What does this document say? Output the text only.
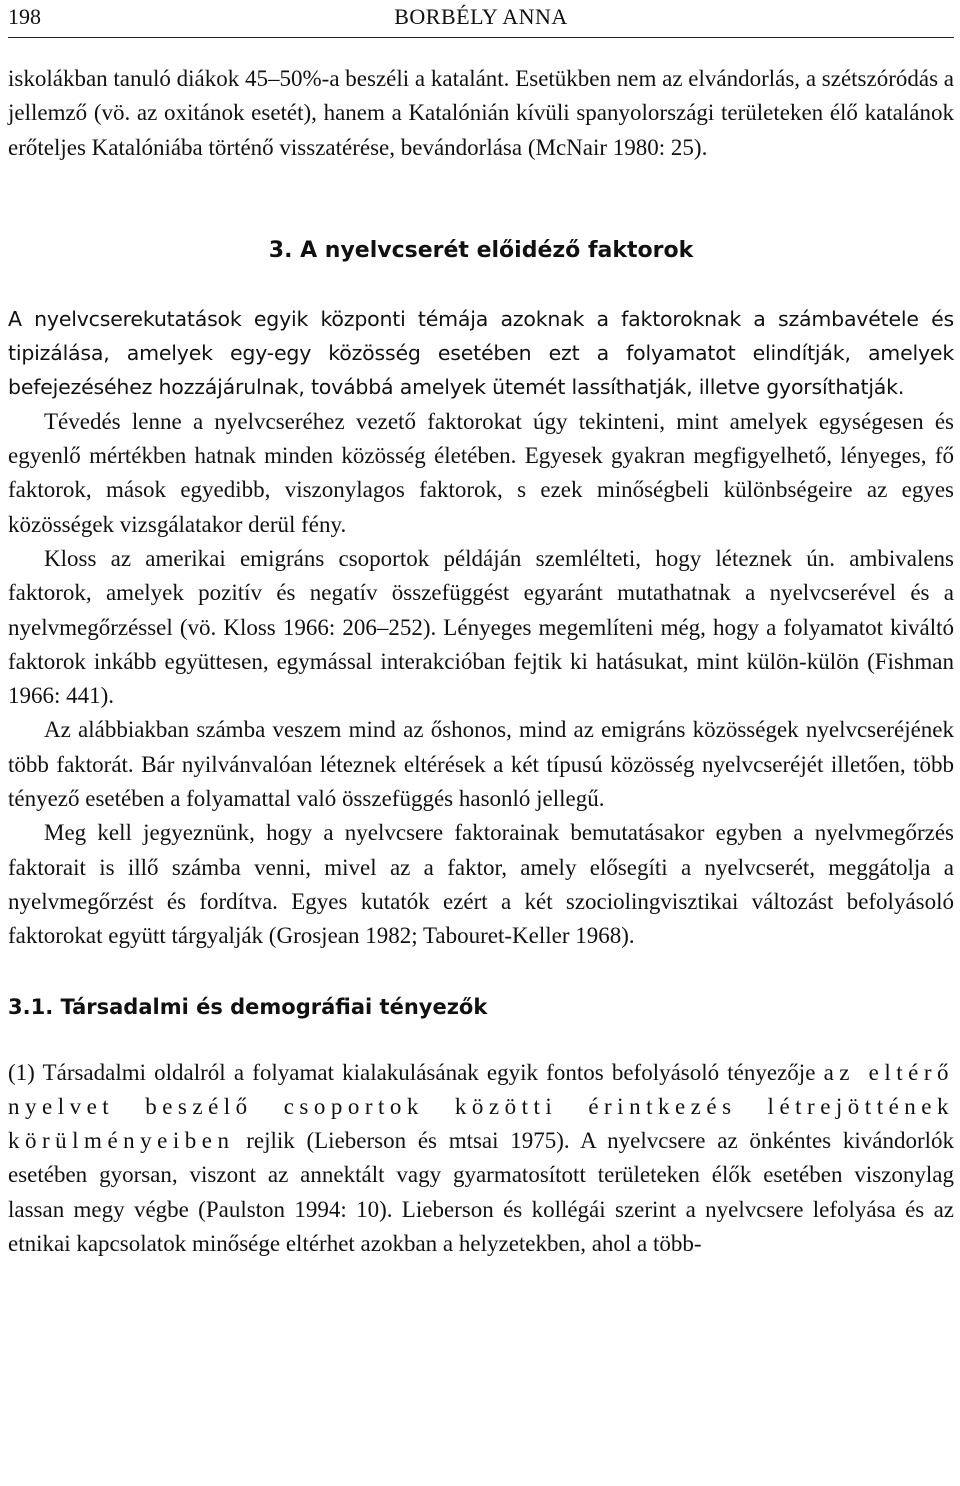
198	BORBÉLY ANNA

iskolákban tanuló diákok 45–50%-a beszéli a katalánt. Esetükben nem az elvándorlás, a szétszóródás a jellemző (vö. az oxitánok esetét), hanem a Katalónián kívüli spanyolországi területeken élő katalánok erőteljes Katalóniába történő visszatérése, bevándorlása (McNair 1980: 25).

3. A nyelvcserét előidéző faktorok

A nyelvcserekutatások egyik központi témája azoknak a faktoroknak a számbavétele és tipizálása, amelyek egy-egy közösség esetében ezt a folyamatot elindítják, amelyek befejezéséhez hozzájárulnak, továbbá amelyek ütemét lassíthatják, illetve gyorsíthatják.

Tévedés lenne a nyelvcseréhez vezető faktorokat úgy tekinteni, mint amelyek egységesen és egyenlő mértékben hatnak minden közösség életében. Egyesek gyakran megfigyelhető, lényeges, fő faktorok, mások egyedibb, viszonylagos faktorok, s ezek minőségbeli különbségeire az egyes közösségek vizsgálatakor derül fény.

Kloss az amerikai emigráns csoportok példáján szemlélteti, hogy léteznek ún. ambivalens faktorok, amelyek pozitív és negatív összefüggést egyaránt mutathatnak a nyelvcserével és a nyelvmegőrzéssel (vö. Kloss 1966: 206–252). Lényeges megemlíteni még, hogy a folyamatot kiváltó faktorok inkább együttesen, egymással interakcióban fejtik ki hatásukat, mint külön-külön (Fishman 1966: 441).

Az alábbiakban számba veszem mind az őshonos, mind az emigráns közösségek nyelvcseréjének több faktorát. Bár nyilvánvalóan léteznek eltérések a két típusú közösség nyelvcseréjét illetően, több tényező esetében a folyamattal való összefüggés hasonló jellegű.

Meg kell jegyeznünk, hogy a nyelvcsere faktorainak bemutatásakor egyben a nyelvmegőrzés faktorait is illő számba venni, mivel az a faktor, amely elősegíti a nyelvcserét, meggátolja a nyelvmegőrzést és fordítva. Egyes kutatók ezért a két szociolingvisztikai változást befolyásoló faktorokat együtt tárgyalják (Grosjean 1982; Tabouret-Keller 1968).

3.1. Társadalmi és demográfiai tényezők

(1) Társadalmi oldalról a folyamat kialakulásának egyik fontos befolyásoló tényezője az eltérő nyelvet beszélő csoportok közötti érintkezés létrejöttének körülményeiben rejlik (Lieberson és mtsai 1975). A nyelvcsere az önkéntes kivándorlók esetében gyorsan, viszont az annektált vagy gyarmatosított területeken élők esetében viszonylag lassan megy végbe (Paulston 1994: 10). Lieberson és kollégái szerint a nyelvcsere lefolyása és az etnikai kapcsolatok minősége eltérhet azokban a helyzetekben, ahol a több-
